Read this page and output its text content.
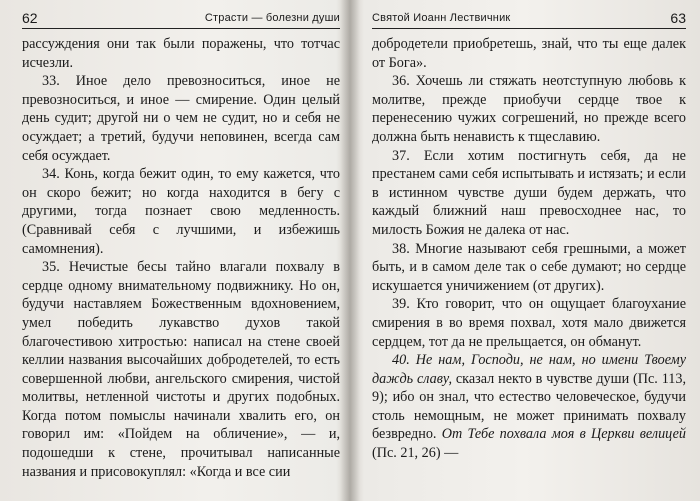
62	Страсти — болезни души

рассуждения они так были поражены, что тотчас исчезли.

33. Иное дело превозноситься, иное не превозноситься, и иное — смирение. Один целый день судит; другой ни о чем не судит, но и себя не осуждает; а третий, будучи неповинен, всегда сам себя осуждает.

34. Конь, когда бежит один, то ему кажется, что он скоро бежит; но когда находится в бегу с другими, тогда познает свою медленность. (Сравнивай себя с лучшими, и избежишь самомнения).

35. Нечистые бесы тайно влагали похвалу в сердце одному внимательному подвижнику. Но он, будучи наставляем Божественным вдохновением, умел победить лукавство духов такой благочестивою хитростью: написал на стене своей келлии названия высочайших добродетелей, то есть совершенной любви, ангельского смирения, чистой молитвы, нетленной чистоты и других подобных. Когда потом помыслы начинали хвалить его, он говорил им: «Пойдем на обличение», — и, подошедши к стене, прочитывал написанные названия и присовокуплял: «Когда и все сии

Святой Иоанн Лествичник	63

добродетели приобретешь, знай, что ты еще далек от Бога».

36. Хочешь ли стяжать неотступную любовь к молитве, прежде приобучи сердце твое к перенесению чужих согрешений, но прежде всего должна быть ненависть к тщеславию.

37. Если хотим постигнуть себя, да не престанем сами себя испытывать и истязать; и если в истинном чувстве души будем держать, что каждый ближний наш превосходнее нас, то милость Божия не далека от нас.

38. Многие называют себя грешными, а может быть, и в самом деле так о себе думают; но сердце искушается уничижением (от других).

39. Кто говорит, что он ощущает благоухание смирения в во время похвал, хотя мало движется сердцем, тот да не прельщается, он обманут.

40. Не нам, Господи, не нам, но имени Твоему даждь славу, сказал некто в чувстве души (Пс. 113, 9); ибо он знал, что естество человеческое, будучи столь немощным, не может принимать похвалу безвредно. От Тебе похвала моя в Церкви велицей (Пс. 21, 26) —
